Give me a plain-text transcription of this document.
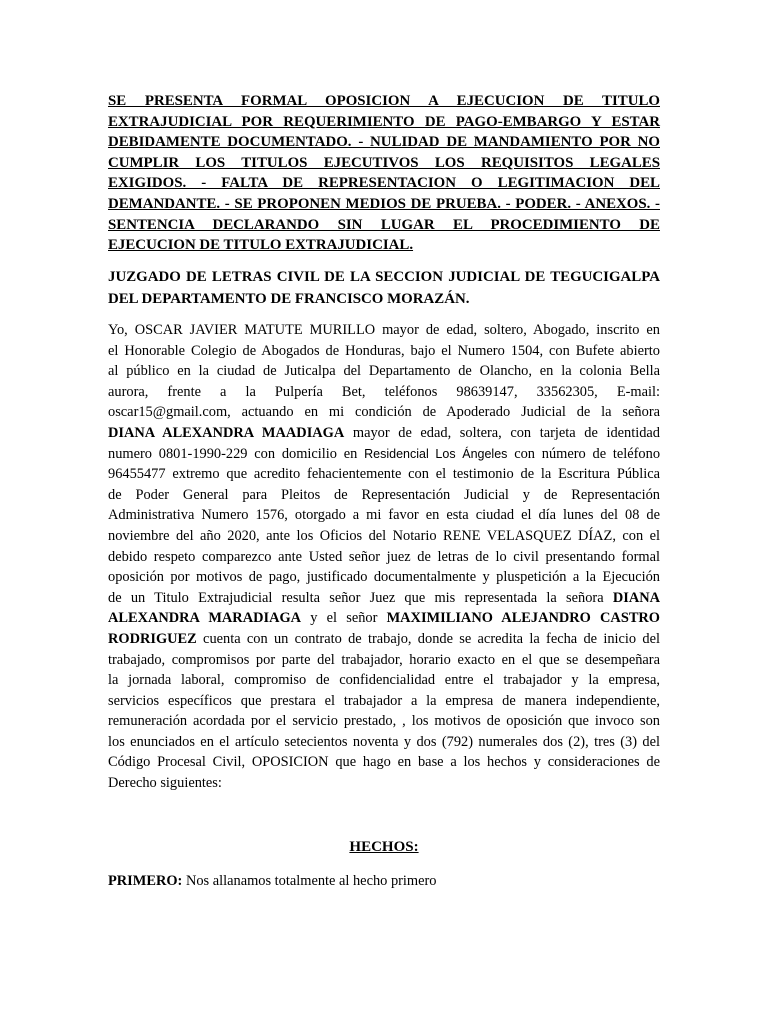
SE PRESENTA FORMAL OPOSICION A EJECUCION DE TITULO
EXTRAJUDICIAL POR REQUERIMIENTO DE PAGO-EMBARGO Y ESTAR
DEBIDAMENTE DOCUMENTADO. - NULIDAD DE MANDAMIENTO POR NO
CUMPLIR LOS TITULOS EJECUTIVOS LOS REQUISITOS LEGALES
EXIGIDOS. - FALTA DE REPRESENTACION O LEGITIMACION DEL
DEMANDANTE. - SE PROPONEN MEDIOS DE PRUEBA. - PODER. - ANEXOS. -
SENTENCIA DECLARANDO SIN LUGAR EL PROCEDIMIENTO DE
EJECUCION DE TITULO EXTRAJUDICIAL.
JUZGADO DE LETRAS CIVIL DE LA SECCION JUDICIAL DE TEGUCIGALPA
DEL DEPARTAMENTO DE FRANCISCO MORAZÁN.
Yo, OSCAR JAVIER MATUTE MURILLO mayor de edad, soltero, Abogado, inscrito en
el Honorable Colegio de Abogados de Honduras, bajo el Numero 1504, con Bufete abierto
al público en la ciudad de Juticalpa del Departamento de Olancho, en la colonia Bella
aurora, frente a la Pulpería Bet, teléfonos 98639147, 33562305, E-mail:
oscar15@gmail.com, actuando en mi condición de Apoderado Judicial de la señora
DIANA ALEXANDRA MAADIAGA mayor de edad, soltera, con tarjeta de identidad
numero 0801-1990-229 con domicilio en Residencial Los Ángeles con número de teléfono
96455477 extremo que acredito fehacientemente con el testimonio de la Escritura Pública
de Poder General para Pleitos de Representación Judicial y de Representación
Administrativa Numero 1576, otorgado a mi favor en esta ciudad el día lunes del 08 de
noviembre del año 2020, ante los Oficios del Notario RENE VELASQUEZ DÍAZ, con el
debido respeto comparezco ante Usted señor juez de letras de lo civil presentando formal
oposición por motivos de pago, justificado documentalmente y pluspetición a la Ejecución
de un Titulo Extrajudicial resulta señor Juez que mis representada la señora DIANA
ALEXANDRA MARADIAGA y el señor MAXIMILIANO ALEJANDRO CASTRO
RODRIGUEZ cuenta con un contrato de trabajo, donde se acredita la fecha de inicio del
trabajado, compromisos por parte del trabajador, horario exacto en el que se desempeñara
la jornada laboral, compromiso de confidencialidad entre el trabajador y la empresa,
servicios específicos que prestara el trabajador a la empresa de manera independiente,
remuneración acordada por el servicio prestado, , los motivos de oposición que invoco son
los enunciados en el artículo setecientos noventa y dos (792) numerales dos (2), tres (3) del
Código Procesal Civil, OPOSICION que hago en base a los hechos y consideraciones de
Derecho siguientes:
HECHOS:
PRIMERO: Nos allanamos totalmente al hecho primero
